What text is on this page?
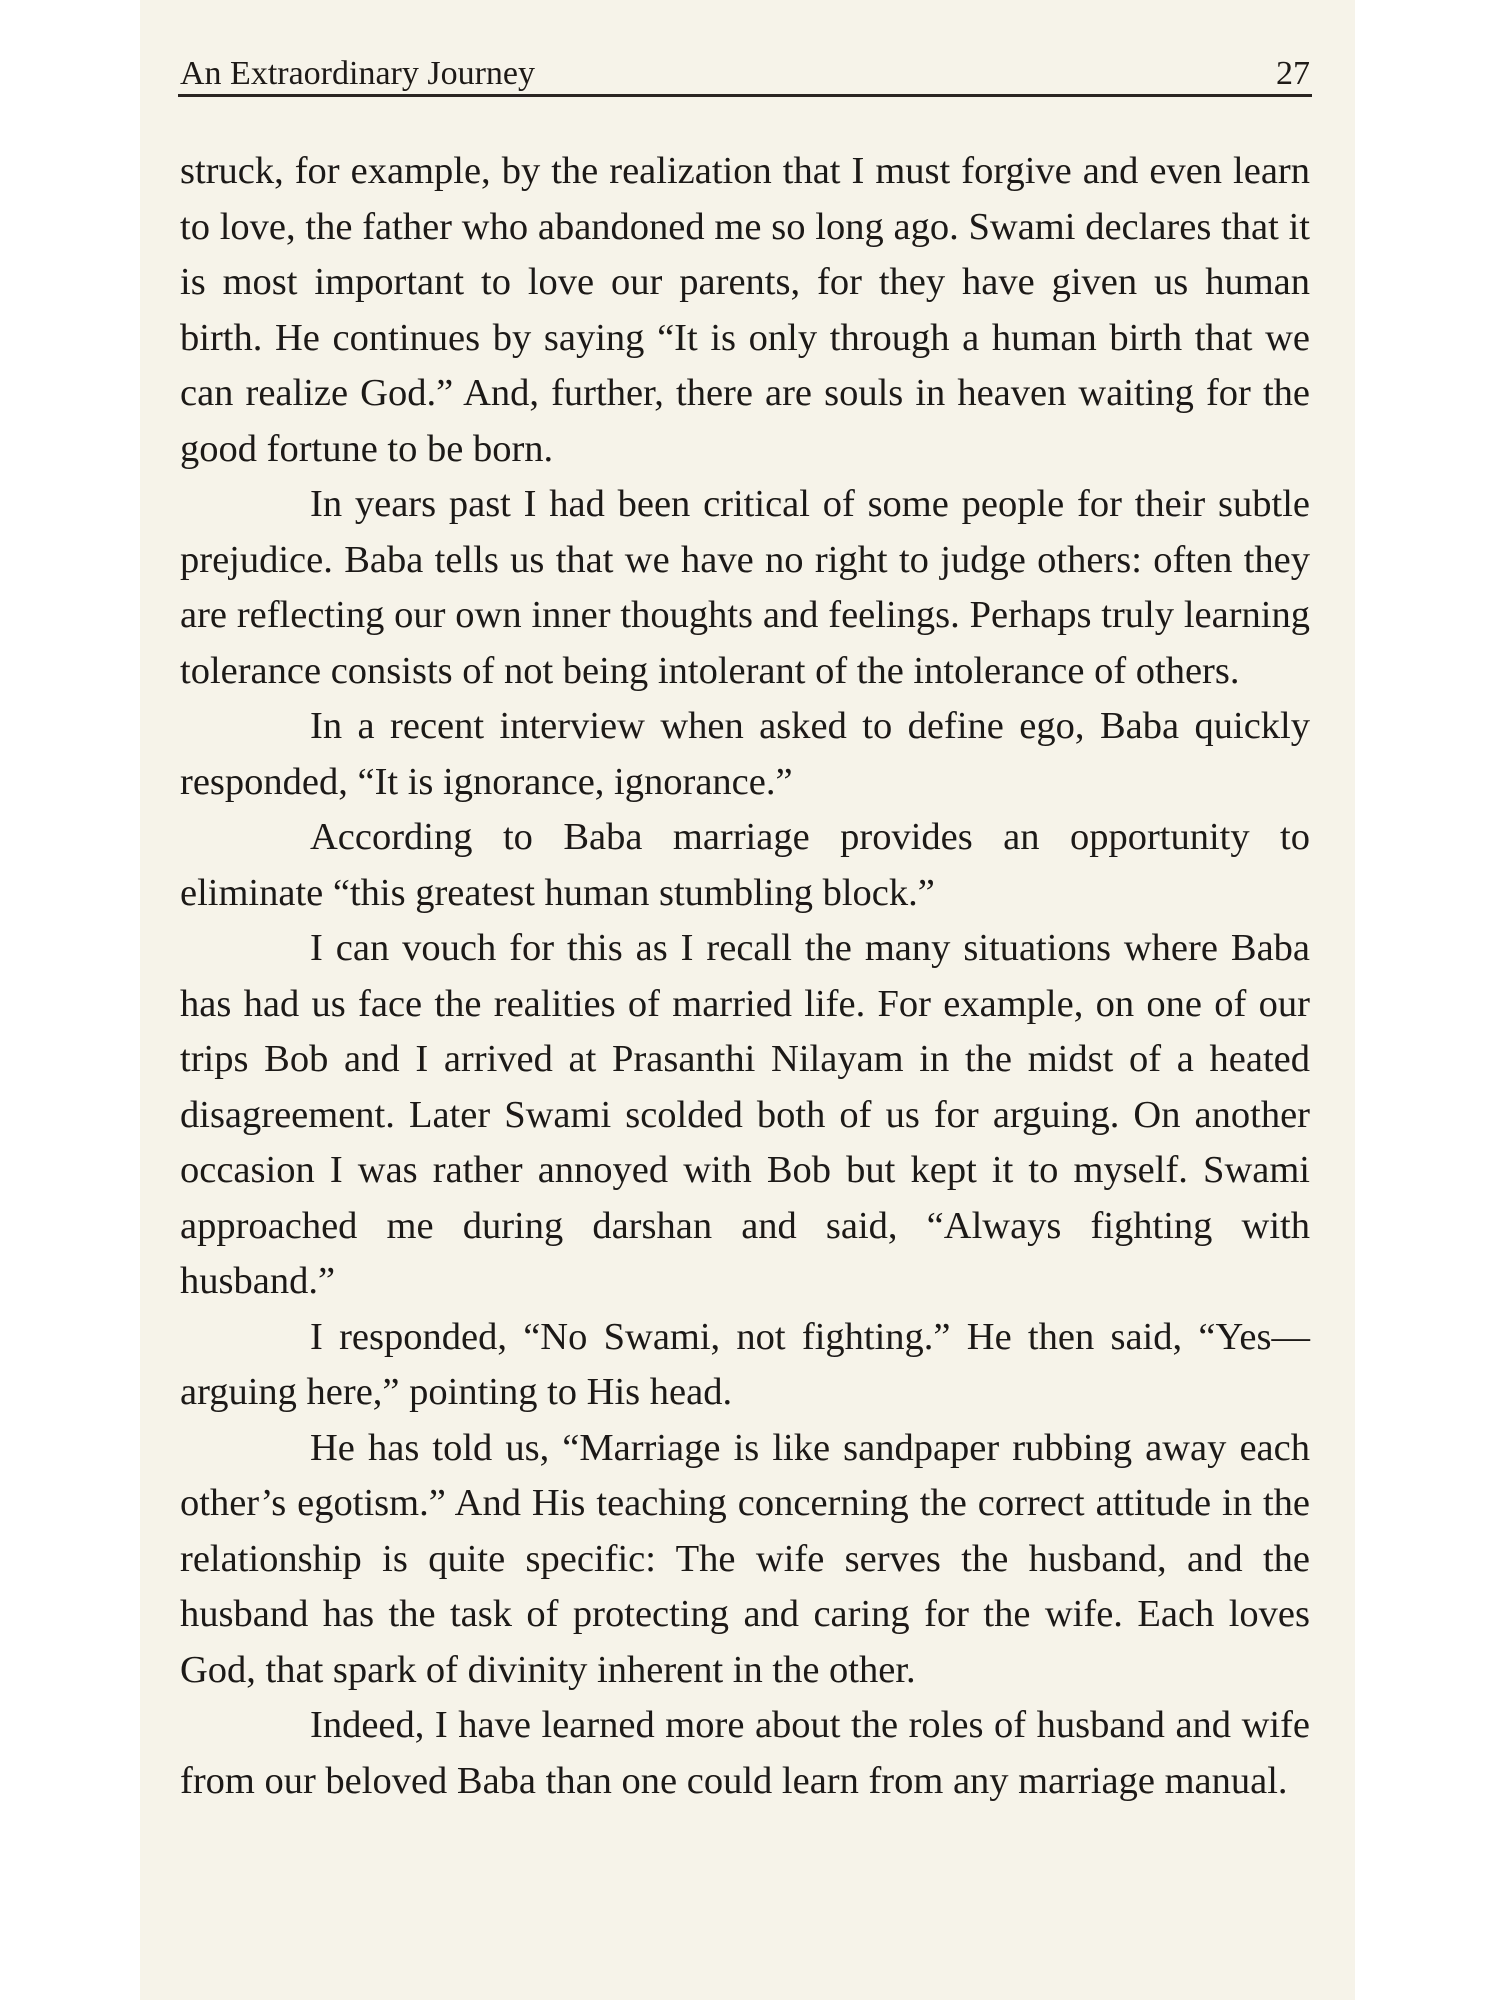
An Extraordinary Journey	27

struck, for example, by the realization that I must forgive and even learn to love, the father who abandoned me so long ago. Swami declares that it is most important to love our parents, for they have given us human birth. He continues by saying “It is only through a human birth that we can realize God.” And, further, there are souls in heaven waiting for the good fortune to be born.

In years past I had been critical of some people for their subtle prejudice. Baba tells us that we have no right to judge others: often they are reflecting our own inner thoughts and feelings. Perhaps truly learning tolerance consists of not being intolerant of the intolerance of others.

In a recent interview when asked to define ego, Baba quickly responded, “It is ignorance, ignorance.”

According to Baba marriage provides an opportunity to eliminate “this greatest human stumbling block.”

I can vouch for this as I recall the many situations where Baba has had us face the realities of married life. For example, on one of our trips Bob and I arrived at Prasanthi Nilayam in the midst of a heated disagreement. Later Swami scolded both of us for arguing. On another occasion I was rather annoyed with Bob but kept it to myself. Swami approached me during darshan and said, “Always fighting with husband.”

I responded, “No Swami, not fighting.” He then said, “Yes—arguing here,” pointing to His head.

He has told us, “Marriage is like sandpaper rubbing away each other’s egotism.” And His teaching concerning the correct attitude in the relationship is quite specific: The wife serves the husband, and the husband has the task of protecting and caring for the wife. Each loves God, that spark of divinity inherent in the other.

Indeed, I have learned more about the roles of husband and wife from our beloved Baba than one could learn from any marriage manual.
